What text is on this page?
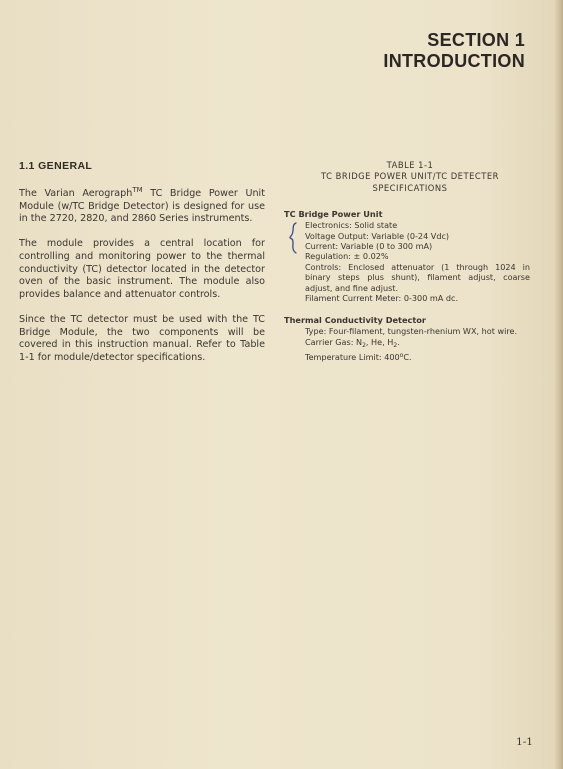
SECTION 1
INTRODUCTION
1.1 GENERAL

The Varian Aerograph™ TC Bridge Power Unit Module (w/TC Bridge Detector) is designed for use in the 2720, 2820, and 2860 Series instruments.

The module provides a central location for controlling and monitoring power to the thermal conductivity (TC) detector located in the detector oven of the basic instrument. The module also provides balance and attenuator controls.

Since the TC detector must be used with the TC Bridge Module, the two components will be covered in this instruction manual. Refer to Table 1-1 for module/detector specifications.

TABLE 1-1
TC BRIDGE POWER UNIT/TC DETECTER
SPECIFICATIONS
TC Bridge Power Unit
Electronics: Solid state
Voltage Output: Variable (0-24 Vdc)
Current: Variable (0 to 300 mA)
Regulation: ± 0.02%
Controls: Enclosed attenuator (1 through 1024 in binary steps plus shunt), filament adjust, coarse adjust, and fine adjust.
Filament Current Meter: 0-300 mA dc.
Thermal Conductivity Detector
Type: Four-filament, tungsten-rhenium WX, hot wire.
Carrier Gas: $N_2$, He, $H_2$.
Temperature Limit: 400$^o$C.
1-1
